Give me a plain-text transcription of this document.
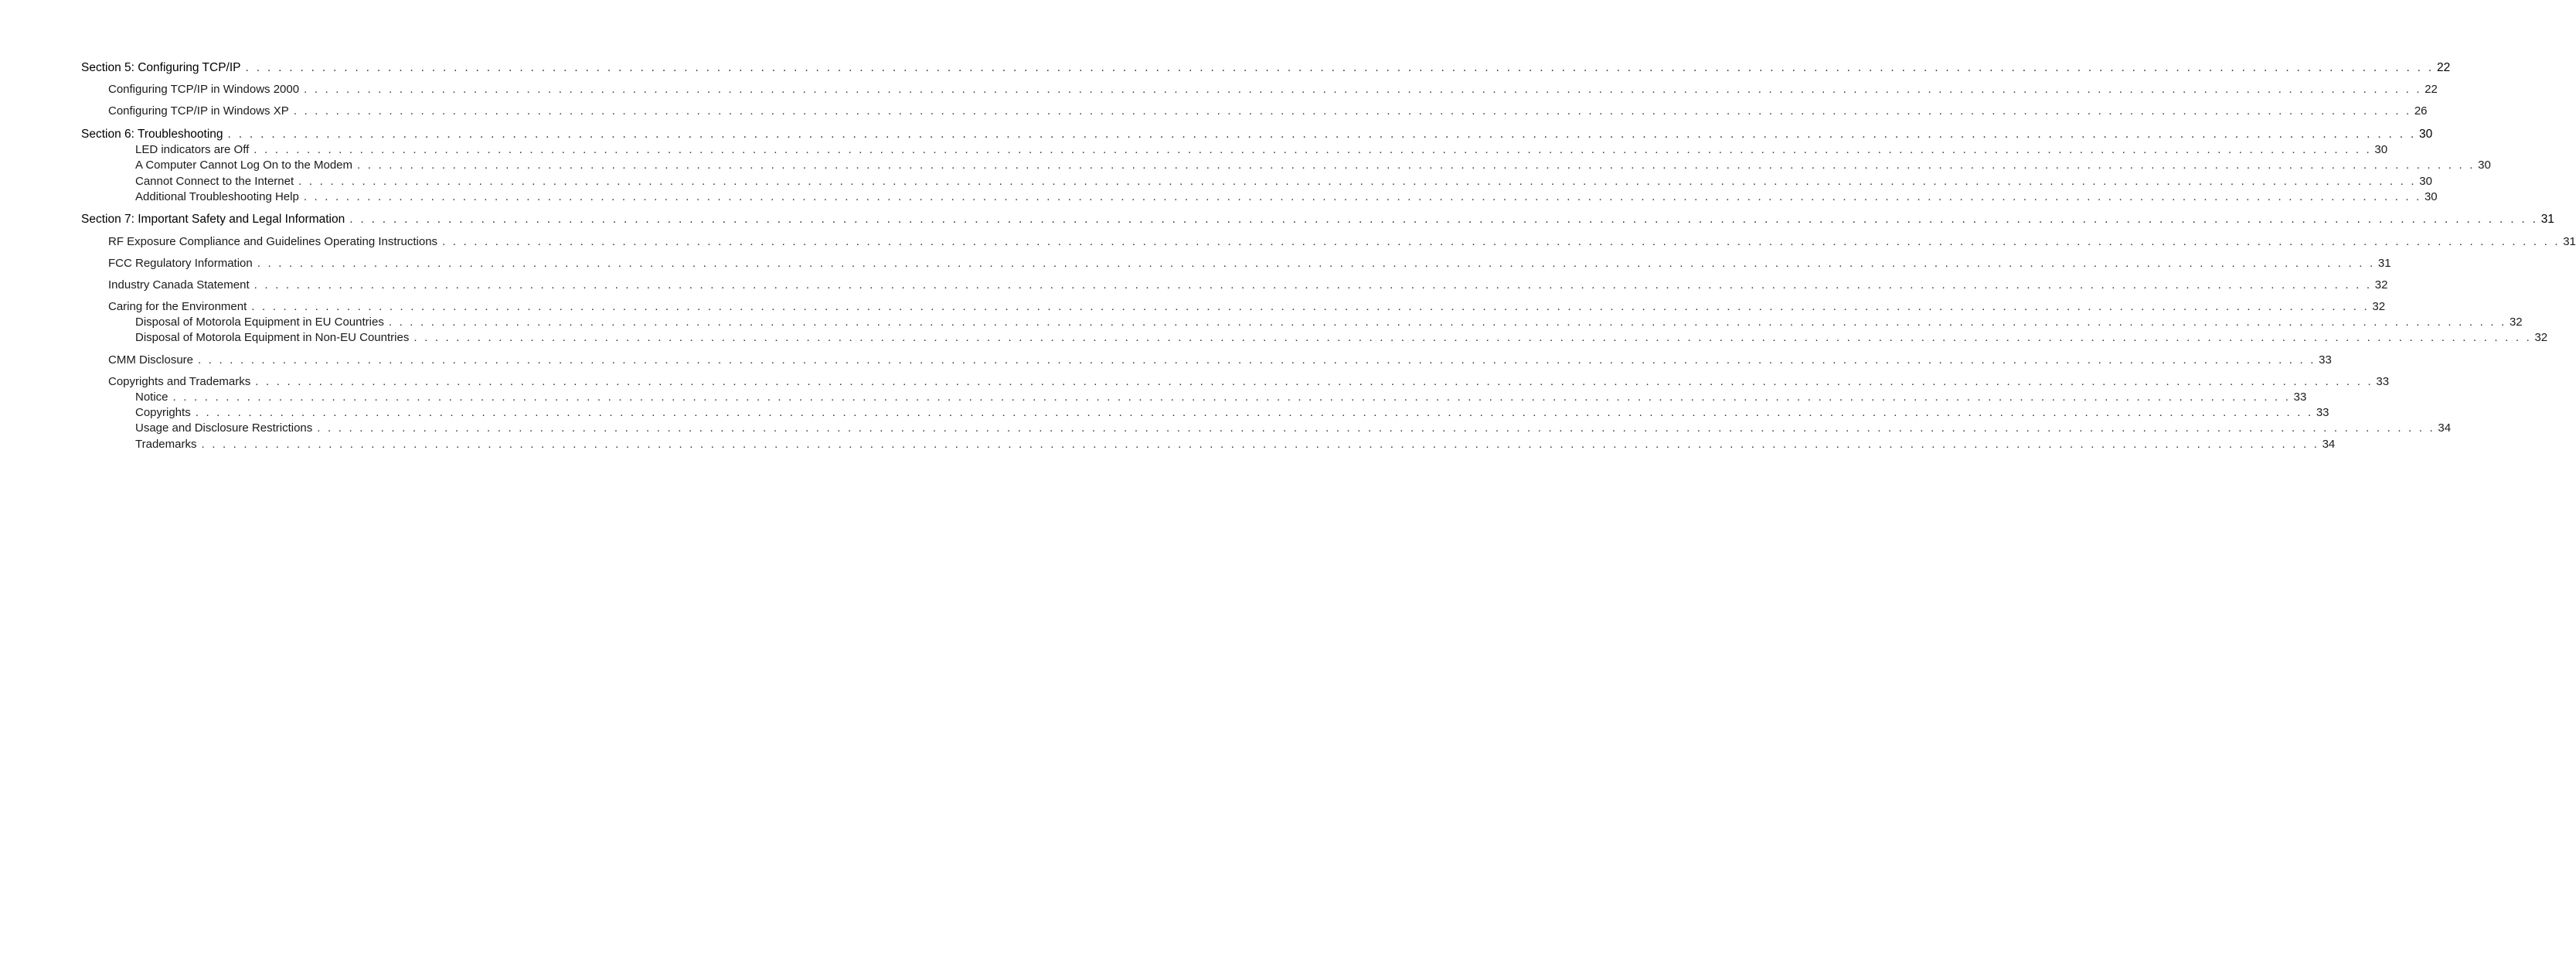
Section 5: Configuring TCP/IP . . . . . . . . . . . . . . . . . . . . . . . . . . . . . . . . . . . . . . . . . . . . . . . . . . . . . . . . . . . . . . . . . . . . . . . . . . . . . . . . . . . . . . . . . . . . . . . . . . . . . . . . . . . . . . . . . . . . . . . . . . . . . . . . . . . . . . . . . . . . . . . . . . . . . . . . . . . . . . . . . . . . . . . . . . . . . . . . . . . . . . . . . . . . . . . . . . . . . . . . 22
Configuring TCP/IP in Windows 2000 . . . . . . . . . . . . . . . . . . . . . . . . . . . . . . . . . . . . . . . . . . . . . . . . . . . . . . . . . . . . . . . . . . . . . . . . . . . . . . . . . . . . . . . . . . . . . . . . . . . . . . . . . . . . . . . . . . . . . . . . . . . . . . . . . . . . . . . . . . . . . . . . . . . . . . . . . . . . . . . . . . . . . . . . . . . . . . . . . . . . . . . . . . . . . . . . . . . . . . . . 22
Configuring TCP/IP in Windows XP . . . . . . . . . . . . . . . . . . . . . . . . . . . . . . . . . . . . . . . . . . . . . . . . . . . . . . . . . . . . . . . . . . . . . . . . . . . . . . . . . . . . . . . . . . . . . . . . . . . . . . . . . . . . . . . . . . . . . . . . . . . . . . . . . . . . . . . . . . . . . . . . . . . . . . . . . . . . . . . . . . . . . . . . . . . . . . . . . . . . . . . . . . . . . . . . . . . . . . . . 26
Section 6: Troubleshooting . . . . . . . . . . . . . . . . . . . . . . . . . . . . . . . . . . . . . . . . . . . . . . . . . . . . . . . . . . . . . . . . . . . . . . . . . . . . . . . . . . . . . . . . . . . . . . . . . . . . . . . . . . . . . . . . . . . . . . . . . . . . . . . . . . . . . . . . . . . . . . . . . . . . . . . . . . . . . . . . . . . . . . . . . . . . . . . . . . . . . . . . . . . . . . . . . . . . . . . . 30
LED indicators are Off . . . . . . . . . . . . . . . . . . . . . . . . . . . . . . . . . . . . . . . . . . . . . . . . . . . . . . . . . . . . . . . . . . . . . . . . . . . . . . . . . . . . . . . . . . . . . . . . . . . . . . . . . . . . . . . . . . . . . . . . . . . . . . . . . . . . . . . . . . . . . . . . . . . . . . . . . . . . . . . . . . . . . . . . . . . . . . . . . . . . . . . . . . . . . . . . . . . . . . . . 30
A Computer Cannot Log On to the Modem . . . . . . . . . . . . . . . . . . . . . . . . . . . . . . . . . . . . . . . . . . . . . . . . . . . . . . . . . . . . . . . . . . . . . . . . . . . . . . . . . . . . . . . . . . . . . . . . . . . . . . . . . . . . . . . . . . . . . . . . . . . . . . . . . . . . . . . . . . . . . . . . . . . . . . . . . . . . . . . . . . . . . . . . . . . . . . . . . . . . . . . . . . . . . . . . . . . . . . . . 30
Cannot Connect to the Internet . . . . . . . . . . . . . . . . . . . . . . . . . . . . . . . . . . . . . . . . . . . . . . . . . . . . . . . . . . . . . . . . . . . . . . . . . . . . . . . . . . . . . . . . . . . . . . . . . . . . . . . . . . . . . . . . . . . . . . . . . . . . . . . . . . . . . . . . . . . . . . . . . . . . . . . . . . . . . . . . . . . . . . . . . . . . . . . . . . . . . . . . . . . . . . . . . . . . . . . . 30
Additional Troubleshooting Help . . . . . . . . . . . . . . . . . . . . . . . . . . . . . . . . . . . . . . . . . . . . . . . . . . . . . . . . . . . . . . . . . . . . . . . . . . . . . . . . . . . . . . . . . . . . . . . . . . . . . . . . . . . . . . . . . . . . . . . . . . . . . . . . . . . . . . . . . . . . . . . . . . . . . . . . . . . . . . . . . . . . . . . . . . . . . . . . . . . . . . . . . . . . . . . . . . . . . . . . 30
Section 7: Important Safety and Legal Information . . . . . . . . . . . . . . . . . . . . . . . . . . . . . . . . . . . . . . . . . . . . . . . . . . . . . . . . . . . . . . . . . . . . . . . . . . . . . . . . . . . . . . . . . . . . . . . . . . . . . . . . . . . . . . . . . . . . . . . . . . . . . . . . . . . . . . . . . . . . . . . . . . . . . . . . . . . . . . . . . . . . . . . . . . . . . . . . . . . . . . . . . . . . . . . . . . . . . . . . 31
RF Exposure Compliance and Guidelines Operating Instructions . . . . . . . . . . . . . . . . . . . . . . . . . . . . . . . . . . . . . . . . . . . . . . . . . . . . . . . . . . . . . . . . . . . . . . . . . . . . . . . . . . . . . . . . . . . . . . . . . . . . . . . . . . . . . . . . . . . . . . . . . . . . . . . . . . . . . . . . . . . . . . . . . . . . . . . . . . . . . . . . . . . . . . . . . . . . . . . . . . . . . . . . . . . . . . . . . . . . . . . . 31
FCC Regulatory Information . . . . . . . . . . . . . . . . . . . . . . . . . . . . . . . . . . . . . . . . . . . . . . . . . . . . . . . . . . . . . . . . . . . . . . . . . . . . . . . . . . . . . . . . . . . . . . . . . . . . . . . . . . . . . . . . . . . . . . . . . . . . . . . . . . . . . . . . . . . . . . . . . . . . . . . . . . . . . . . . . . . . . . . . . . . . . . . . . . . . . . . . . . . . . . . . . . . . . . . . 31
Industry Canada Statement . . . . . . . . . . . . . . . . . . . . . . . . . . . . . . . . . . . . . . . . . . . . . . . . . . . . . . . . . . . . . . . . . . . . . . . . . . . . . . . . . . . . . . . . . . . . . . . . . . . . . . . . . . . . . . . . . . . . . . . . . . . . . . . . . . . . . . . . . . . . . . . . . . . . . . . . . . . . . . . . . . . . . . . . . . . . . . . . . . . . . . . . . . . . . . . . . . . . . . . . 32
Caring for the Environment . . . . . . . . . . . . . . . . . . . . . . . . . . . . . . . . . . . . . . . . . . . . . . . . . . . . . . . . . . . . . . . . . . . . . . . . . . . . . . . . . . . . . . . . . . . . . . . . . . . . . . . . . . . . . . . . . . . . . . . . . . . . . . . . . . . . . . . . . . . . . . . . . . . . . . . . . . . . . . . . . . . . . . . . . . . . . . . . . . . . . . . . . . . . . . . . . . . . . . . . 32
Disposal of Motorola Equipment in EU Countries . . . . . . . . . . . . . . . . . . . . . . . . . . . . . . . . . . . . . . . . . . . . . . . . . . . . . . . . . . . . . . . . . . . . . . . . . . . . . . . . . . . . . . . . . . . . . . . . . . . . . . . . . . . . . . . . . . . . . . . . . . . . . . . . . . . . . . . . . . . . . . . . . . . . . . . . . . . . . . . . . . . . . . . . . . . . . . . . . . . . . . . . . . . . . . . . . . . . . . . . 32
Disposal of Motorola Equipment in Non-EU Countries . . . . . . . . . . . . . . . . . . . . . . . . . . . . . . . . . . . . . . . . . . . . . . . . . . . . . . . . . . . . . . . . . . . . . . . . . . . . . . . . . . . . . . . . . . . . . . . . . . . . . . . . . . . . . . . . . . . . . . . . . . . . . . . . . . . . . . . . . . . . . . . . . . . . . . . . . . . . . . . . . . . . . . . . . . . . . . . . . . . . . . . . . . . . . . . . . . . . . . . . 32
CMM Disclosure . . . . . . . . . . . . . . . . . . . . . . . . . . . . . . . . . . . . . . . . . . . . . . . . . . . . . . . . . . . . . . . . . . . . . . . . . . . . . . . . . . . . . . . . . . . . . . . . . . . . . . . . . . . . . . . . . . . . . . . . . . . . . . . . . . . . . . . . . . . . . . . . . . . . . . . . . . . . . . . . . . . . . . . . . . . . . . . . . . . . . . . . . . . . . . . . . . . . . . . . 33
Copyrights and Trademarks . . . . . . . . . . . . . . . . . . . . . . . . . . . . . . . . . . . . . . . . . . . . . . . . . . . . . . . . . . . . . . . . . . . . . . . . . . . . . . . . . . . . . . . . . . . . . . . . . . . . . . . . . . . . . . . . . . . . . . . . . . . . . . . . . . . . . . . . . . . . . . . . . . . . . . . . . . . . . . . . . . . . . . . . . . . . . . . . . . . . . . . . . . . . . . . . . . . . . . . . 33
Notice . . . . . . . . . . . . . . . . . . . . . . . . . . . . . . . . . . . . . . . . . . . . . . . . . . . . . . . . . . . . . . . . . . . . . . . . . . . . . . . . . . . . . . . . . . . . . . . . . . . . . . . . . . . . . . . . . . . . . . . . . . . . . . . . . . . . . . . . . . . . . . . . . . . . . . . . . . . . . . . . . . . . . . . . . . . . . . . . . . . . . . . . . . . . . . . . . . . . . . . . 33
Copyrights . . . . . . . . . . . . . . . . . . . . . . . . . . . . . . . . . . . . . . . . . . . . . . . . . . . . . . . . . . . . . . . . . . . . . . . . . . . . . . . . . . . . . . . . . . . . . . . . . . . . . . . . . . . . . . . . . . . . . . . . . . . . . . . . . . . . . . . . . . . . . . . . . . . . . . . . . . . . . . . . . . . . . . . . . . . . . . . . . . . . . . . . . . . . . . . . . . . . . . . . 33
Usage and Disclosure Restrictions . . . . . . . . . . . . . . . . . . . . . . . . . . . . . . . . . . . . . . . . . . . . . . . . . . . . . . . . . . . . . . . . . . . . . . . . . . . . . . . . . . . . . . . . . . . . . . . . . . . . . . . . . . . . . . . . . . . . . . . . . . . . . . . . . . . . . . . . . . . . . . . . . . . . . . . . . . . . . . . . . . . . . . . . . . . . . . . . . . . . . . . . . . . . . . . . . . . . . . . . 34
Trademarks . . . . . . . . . . . . . . . . . . . . . . . . . . . . . . . . . . . . . . . . . . . . . . . . . . . . . . . . . . . . . . . . . . . . . . . . . . . . . . . . . . . . . . . . . . . . . . . . . . . . . . . . . . . . . . . . . . . . . . . . . . . . . . . . . . . . . . . . . . . . . . . . . . . . . . . . . . . . . . . . . . . . . . . . . . . . . . . . . . . . . . . . . . . . . . . . . . . . . . . . 34
